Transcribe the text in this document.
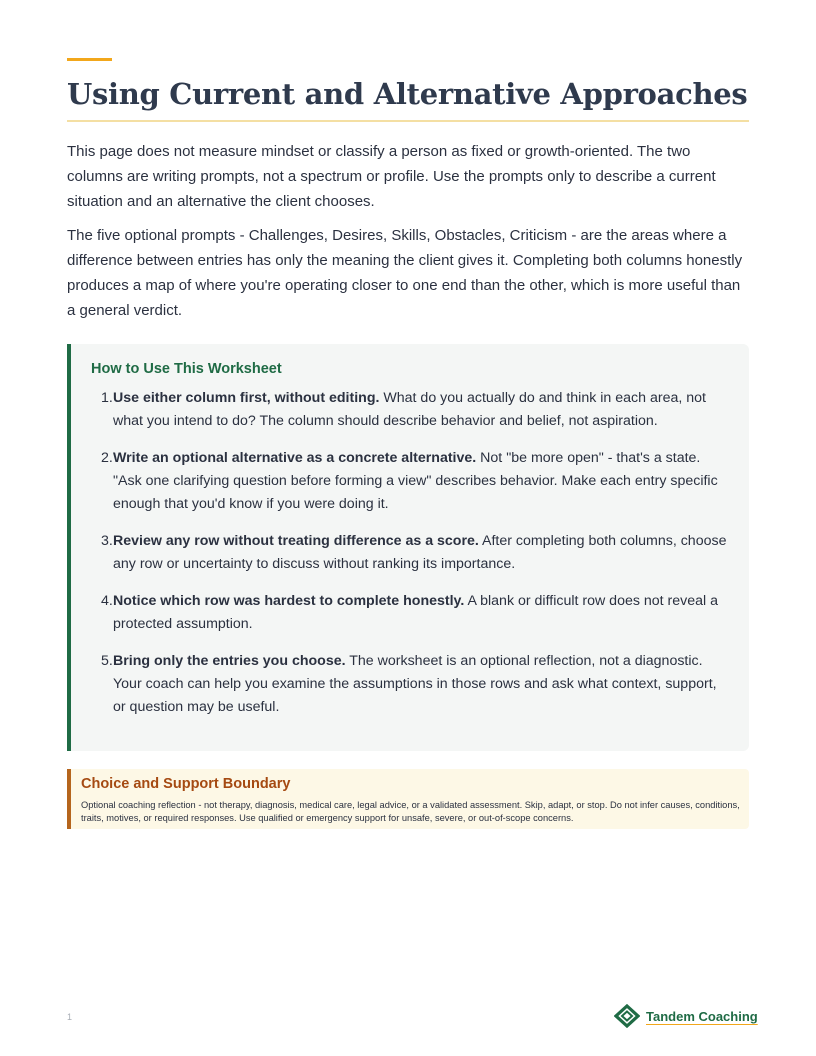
Using Current and Alternative Approaches

This page does not measure mindset or classify a person as fixed or growth-oriented. The two columns are writing prompts, not a spectrum or profile. Use the prompts only to describe a current situation and an alternative the client chooses.

The five optional prompts - Challenges, Desires, Skills, Obstacles, Criticism - are the areas where a difference between entries has only the meaning the client gives it. Completing both columns honestly produces a map of where you're operating closer to one end than the other, which is more useful than a general verdict.

How to Use This Worksheet
1. Use either column first, without editing. What do you actually do and think in each area, not what you intend to do? The column should describe behavior and belief, not aspiration.
2. Write an optional alternative as a concrete alternative. Not "be more open" - that's a state. "Ask one clarifying question before forming a view" describes behavior. Make each entry specific enough that you'd know if you were doing it.
3. Review any row without treating difference as a score. After completing both columns, choose any row or uncertainty to discuss without ranking its importance.
4. Notice which row was hardest to complete honestly. A blank or difficult row does not reveal a protected assumption.
5. Bring only the entries you choose. The worksheet is an optional reflection, not a diagnostic. Your coach can help you examine the assumptions in those rows and ask what context, support, or question may be useful.
Choice and Support Boundary

Optional coaching reflection - not therapy, diagnosis, medical care, legal advice, or a validated assessment. Skip, adapt, or stop. Do not infer causes, conditions, traits, motives, or required responses. Use qualified or emergency support for unsafe, severe, or out-of-scope concerns.

1	Tandem Coaching
